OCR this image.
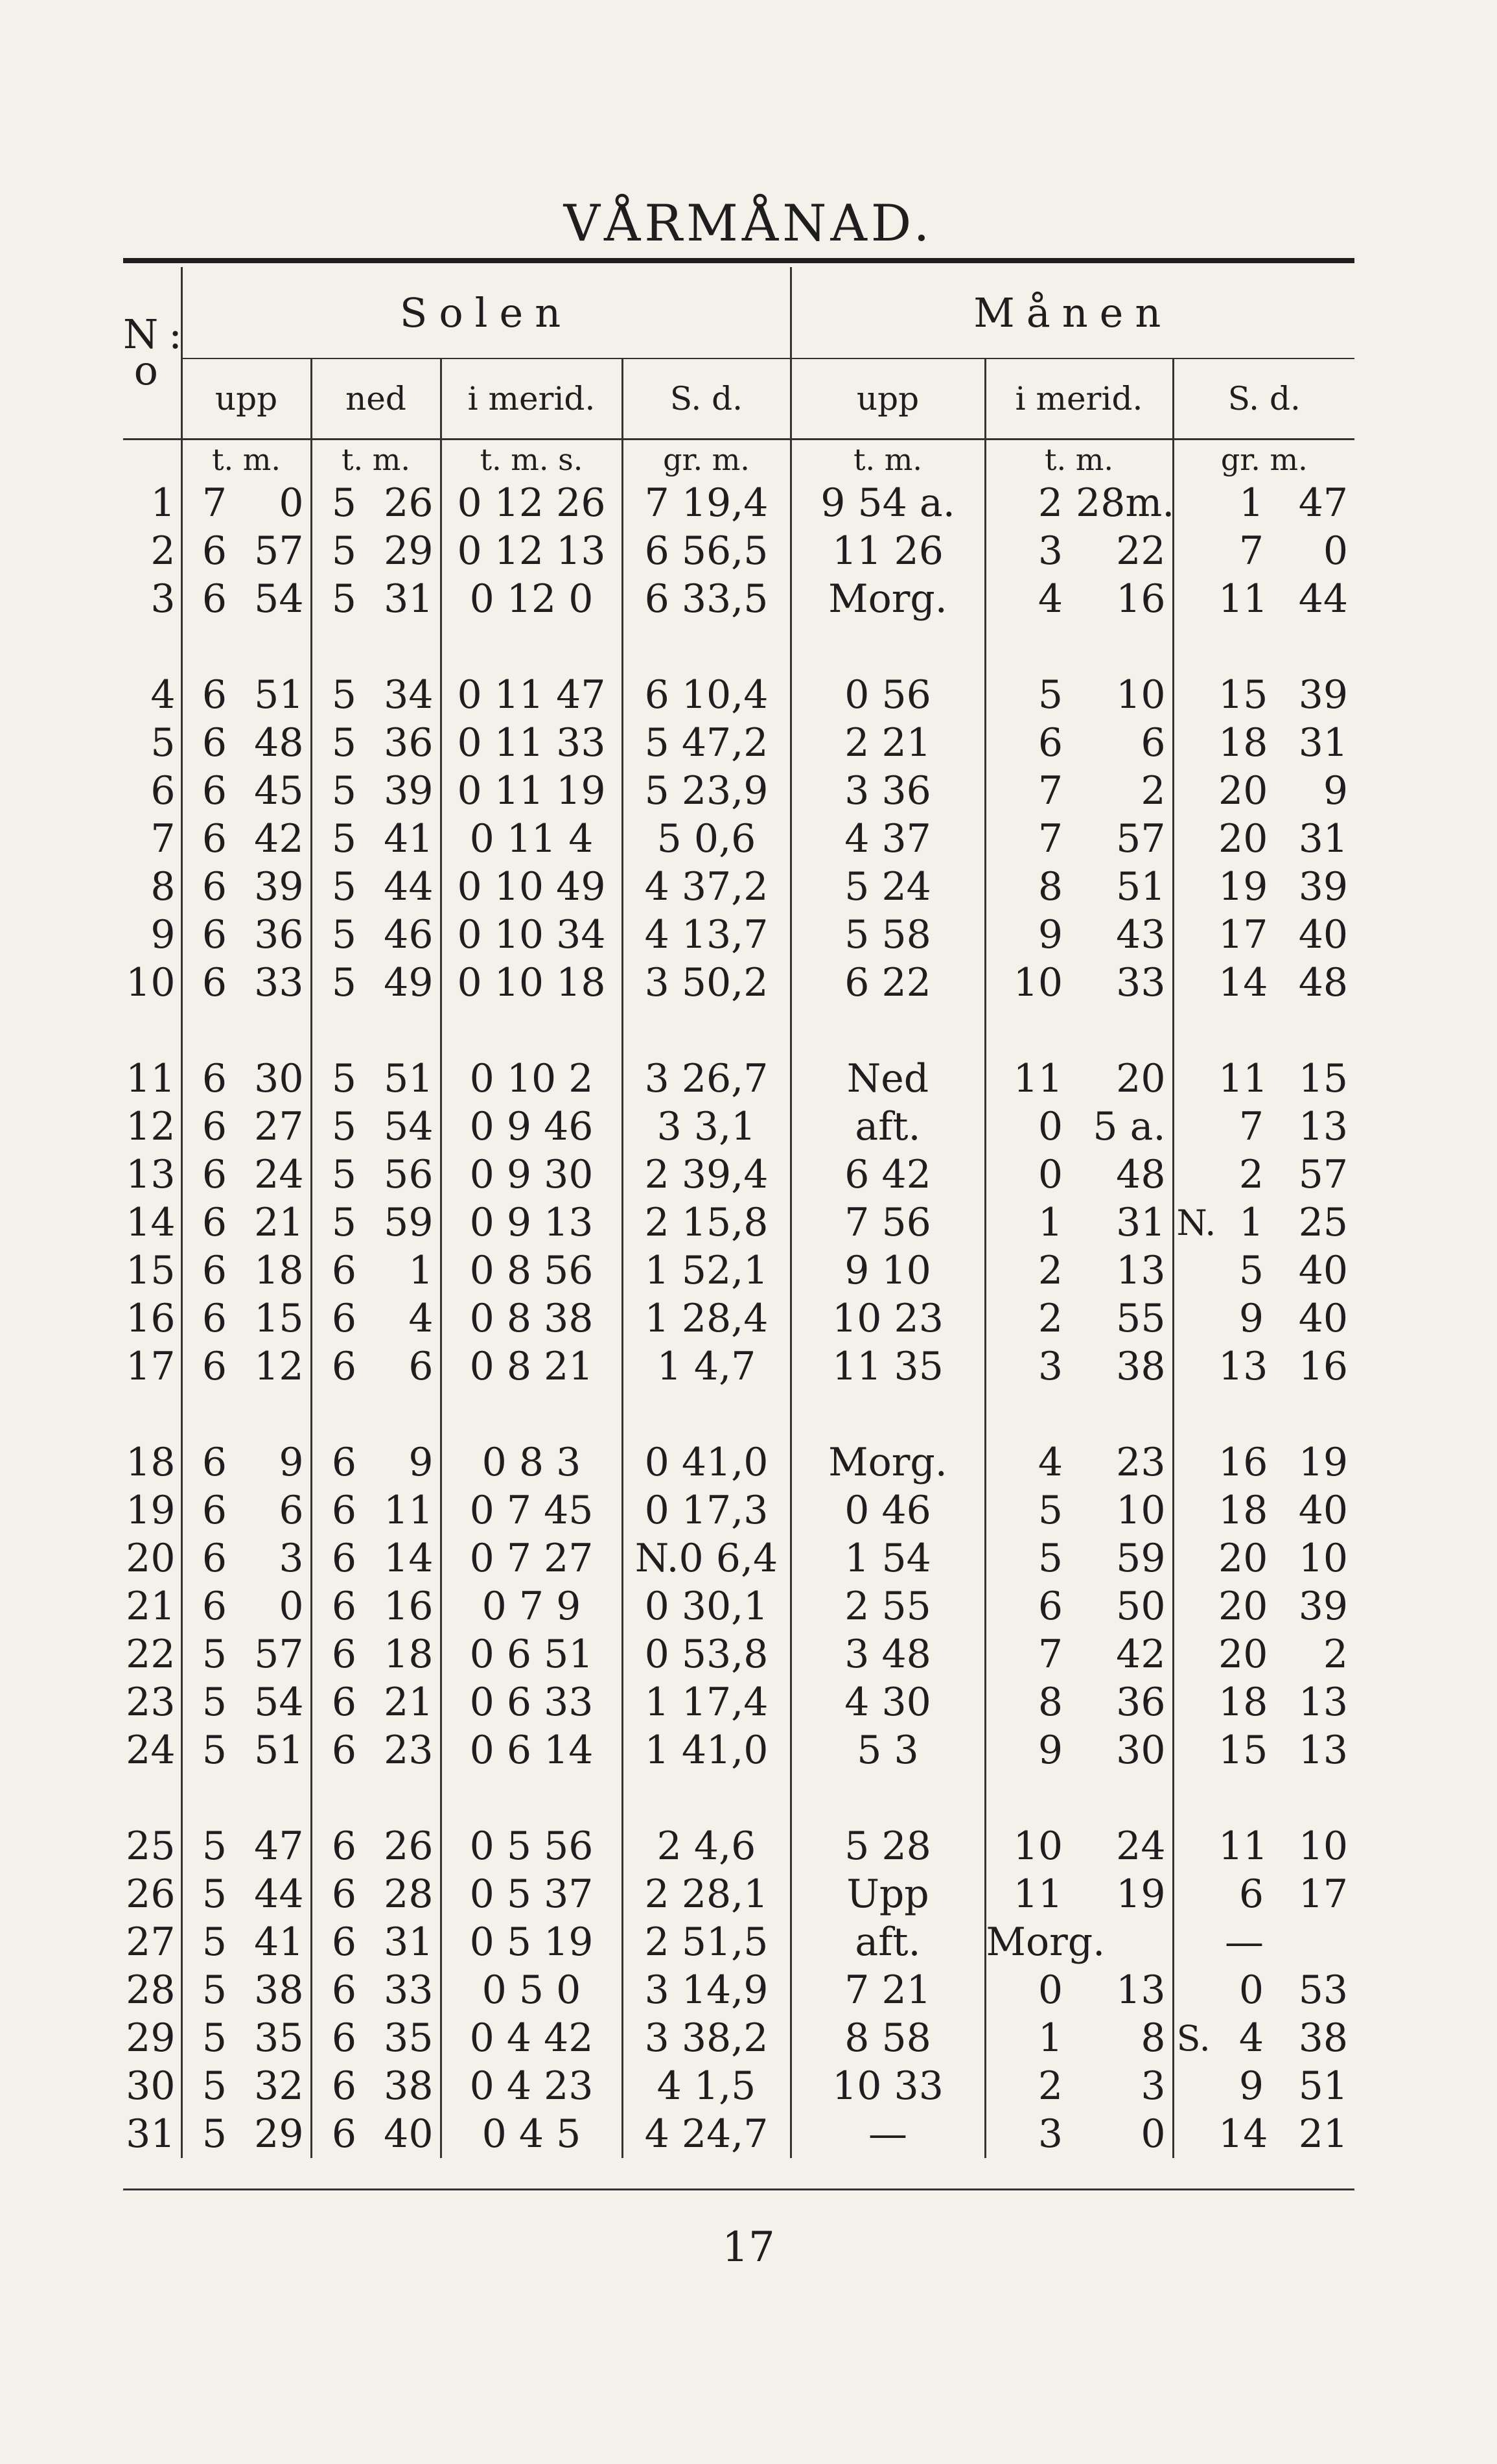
VÅRMÅNAD.
N:
o	Solen						Månen					
	upp		ned		i merid.	S. d.	upp	i merid.		S. d.		
	t. m.		t. m.		t. m. s.	gr. m.	t. m.	t. m.		gr. m.		
1	7	0	5	26	0 12 26	7 19,4	9 54 a.	2	28m.		1	47
2	6	57	5	29	0 12 13	6 56,5	11 26	3	22		7	0
3	6	54	5	31	0 12 0	6 33,5	Morg.	4	16		11	44

4	6	51	5	34	0 11 47	6 10,4	0 56	5	10		15	39
5	6	48	5	36	0 11 33	5 47,2	2 21	6	6		18	31
6	6	45	5	39	0 11 19	5 23,9	3 36	7	2		20	9
7	6	42	5	41	0 11 4	5 0,6	4 37	7	57		20	31
8	6	39	5	44	0 10 49	4 37,2	5 24	8	51		19	39
9	6	36	5	46	0 10 34	4 13,7	5 58	9	43		17	40
10	6	33	5	49	0 10 18	3 50,2	6 22	10	33		14	48

11	6	30	5	51	0 10 2	3 26,7	Ned	11	20		11	15
12	6	27	5	54	0 9 46	3 3,1	aft.	0	5 a.		7	13
13	6	24	5	56	0 9 30	2 39,4	6 42	0	48		2	57
14	6	21	5	59	0 9 13	2 15,8	7 56	1	31	N.	1	25
15	6	18	6	1	0 8 56	1 52,1	9 10	2	13		5	40
16	6	15	6	4	0 8 38	1 28,4	10 23	2	55		9	40
17	6	12	6	6	0 8 21	1 4,7	11 35	3	38		13	16

18	6	9	6	9	0 8 3	0 41,0	Morg.	4	23		16	19
19	6	6	6	11	0 7 45	0 17,3	0 46	5	10		18	40
20	6	3	6	14	0 7 27	N.0 6,4	1 54	5	59		20	10
21	6	0	6	16	0 7 9	0 30,1	2 55	6	50		20	39
22	5	57	6	18	0 6 51	0 53,8	3 48	7	42		20	2
23	5	54	6	21	0 6 33	1 17,4	4 30	8	36		18	13
24	5	51	6	23	0 6 14	1 41,0	5 3	9	30		15	13

25	5	47	6	26	0 5 56	2 4,6	5 28	10	24		11	10
26	5	44	6	28	0 5 37	2 28,1	Upp	11	19		6	17
27	5	41	6	31	0 5 19	2 51,5	aft.	Morg.			—	
28	5	38	6	33	0 5 0	3 14,9	7 21	0	13		0	53
29	5	35	6	35	0 4 42	3 38,2	8 58	1	8	S.	4	38
30	5	32	6	38	0 4 23	4 1,5	10 33	2	3		9	51
31	5	29	6	40	0 4 5	4 24,7	—	3	0		14	21
17
